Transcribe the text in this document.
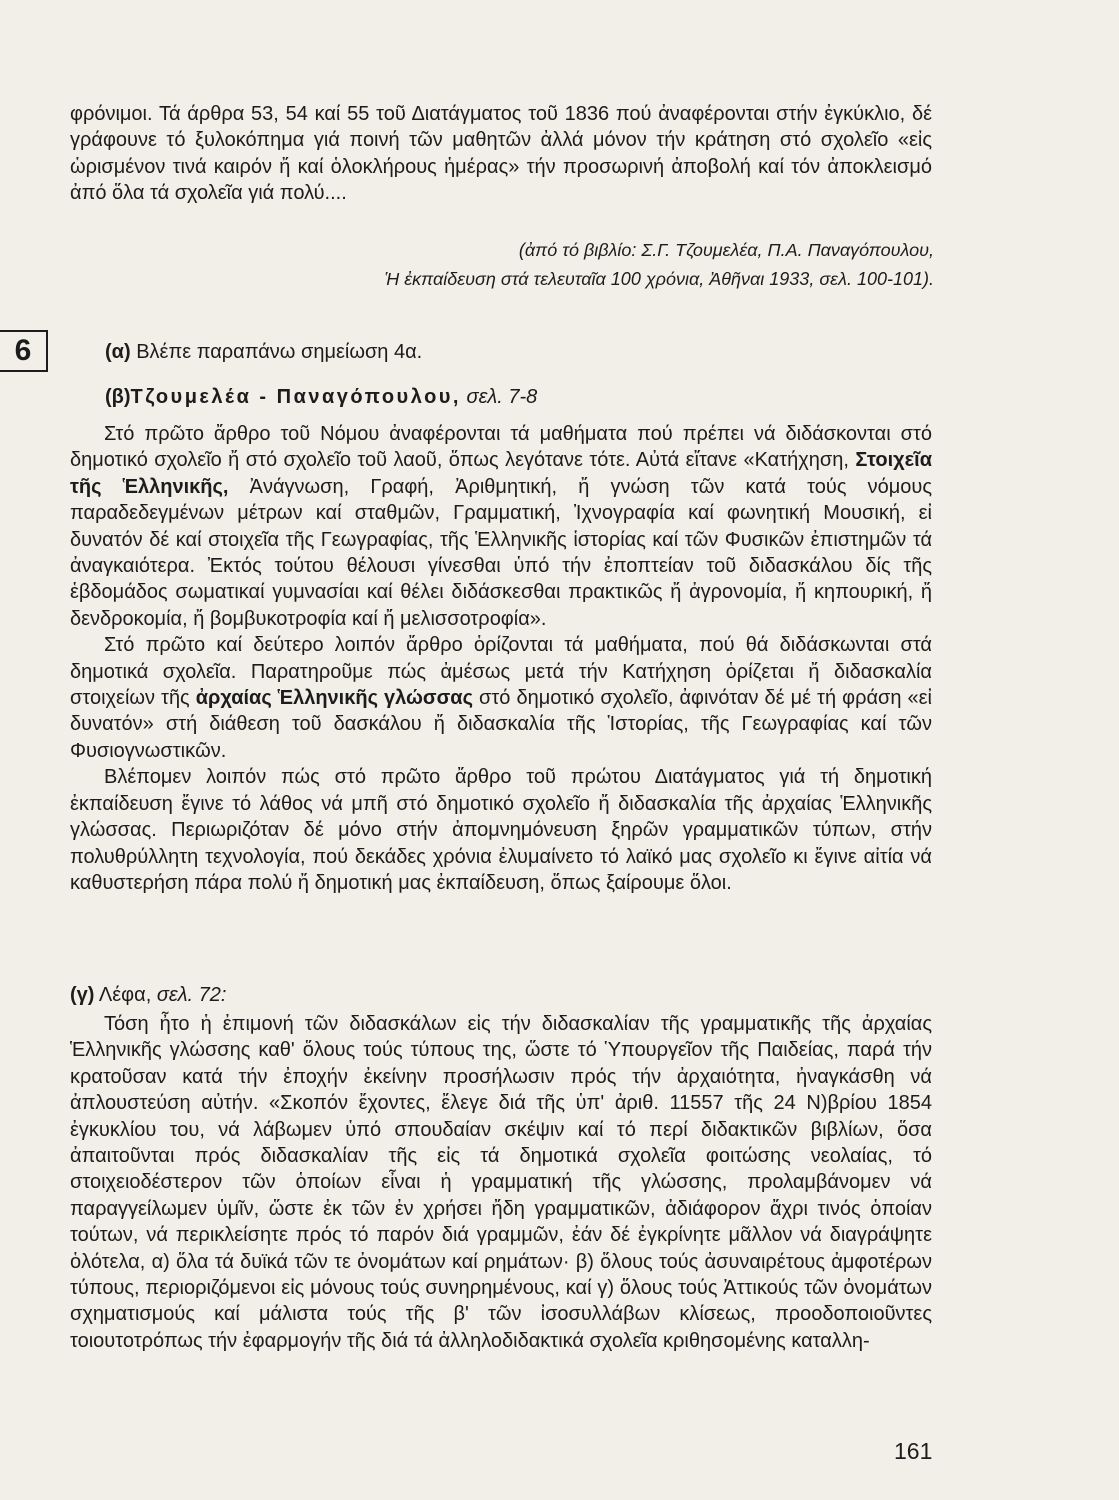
φρόνιμοι. Τά άρθρα 53, 54 καί 55 τοῦ Διατάγματος τοῦ 1836 πού ἀναφέρονται στήν ἐγκύκλιο, δέ γράφουνε τό ξυλοκόπημα γιά ποινή τῶν μαθητῶν ἀλλά μόνον τήν κράτηση στό σχολεῖο «εἰς ὡρισμένον τινά καιρόν ἤ καί ὁλοκλήρους ἡμέρας» τήν προσωρινή ἀποβολή καί τόν ἀποκλεισμό ἀπό ὅλα τά σχολεῖα γιά πολύ....

(ἀπό τό βιβλίο: Σ.Γ. Τζουμελέα, Π.Α. Παναγόπουλου,
Ἡ ἐκπαίδευση στά τελευταῖα 100 χρόνια, Ἀθῆναι 1933, σελ. 100-101).
6	(α) Βλέπε παραπάνω σημείωση 4α.
(β)Τζουμελέα - Παναγόπουλου, σελ. 7-8

Στό πρῶτο ἄρθρο τοῦ Νόμου ἀναφέρονται τά μαθήματα πού πρέπει νά διδάσκονται στό δημοτικό σχολεῖο ἤ στό σχολεῖο τοῦ λαοῦ, ὅπως λεγότανε τότε. Αὐτά εἴτανε «Κατήχηση, Στοιχεῖα τῆς Ἑλληνικῆς, Ἀνάγνωση, Γραφή, Ἀριθμητική, ἤ γνώση τῶν κατά τούς νόμους παραδεδεγμένων μέτρων καί σταθμῶν, Γραμματική, Ἰχνογραφία καί φωνητική Μουσική, εἰ δυνατόν δέ καί στοιχεῖα τῆς Γεωγραφίας, τῆς Ἑλληνικῆς ἱστορίας καί τῶν Φυσικῶν ἐπιστημῶν τά ἀναγκαιότερα. Ἐκτός τούτου θέλουσι γίνεσθαι ὑπό τήν ἐποπτείαν τοῦ διδασκάλου δίς τῆς ἑβδομάδος σωματικαί γυμνασίαι καί θέλει διδάσκεσθαι πρακτικῶς ἤ ἀγρονομία, ἤ κηπουρική, ἤ δενδροκομία, ἤ βομβυκοτροφία καί ἤ μελισσοτροφία».

Στό πρῶτο καί δεύτερο λοιπόν ἄρθρο ὁρίζονται τά μαθήματα, πού θά διδάσκωνται στά δημοτικά σχολεῖα. Παρατηροῦμε πώς ἀμέσως μετά τήν Κατήχηση ὁρίζεται ἤ διδασκαλία στοιχείων τῆς ἀρχαίας Ἑλληνικῆς γλώσσας στό δημοτικό σχολεῖο, ἀφινόταν δέ μέ τή φράση «εἰ δυνατόν» στή διάθεση τοῦ δασκάλου ἤ διδασκαλία τῆς Ἱστορίας, τῆς Γεωγραφίας καί τῶν Φυσιογνωστικῶν.

Βλέπομεν λοιπόν πώς στό πρῶτο ἄρθρο τοῦ πρώτου Διατάγματος γιά τή δημοτική ἐκπαίδευση ἔγινε τό λάθος νά μπῆ στό δημοτικό σχολεῖο ἤ διδασκαλία τῆς ἀρχαίας Ἑλληνικῆς γλώσσας. Περιωριζόταν δέ μόνο στήν ἀπομνημόνευση ξηρῶν γραμματικῶν τύπων, στήν πολυθρύλλητη τεχνολογία, πού δεκάδες χρόνια ἐλυμαίνετο τό λαϊκό μας σχολεῖο κι ἔγινε αἰτία νά καθυστερήση πάρα πολύ ἤ δημοτική μας ἐκπαίδευση, ὅπως ξαίρουμε ὅλοι.

(γ) Λέφα, σελ. 72:

Τόση ἦτο ἡ ἐπιμονή τῶν διδασκάλων εἰς τήν διδασκαλίαν τῆς γραμματικῆς τῆς ἀρχαίας Ἑλληνικῆς γλώσσης καθ' ὅλους τούς τύπους της, ὥστε τό Ὑπουργεῖον τῆς Παιδείας, παρά τήν κρατοῦσαν κατά τήν ἐποχήν ἐκείνην προσήλωσιν πρός τήν ἀρχαιότητα, ἠναγκάσθη νά ἀπλουστεύση αὐτήν. «Σκοπόν ἔχοντες, ἔλεγε διά τῆς ὑπ' ἀριθ. 11557 τῆς 24 Ν)βρίου 1854 ἐγκυκλίου του, νά λάβωμεν ὑπό σπουδαίαν σκέψιν καί τό περί διδακτικῶν βιβλίων, ὅσα ἀπαιτοῦνται πρός διδασκαλίαν τῆς εἰς τά δημοτικά σχολεῖα φοιτώσης νεολαίας, τό στοιχειοδέστερον τῶν ὁποίων εἶναι ἡ γραμματική τῆς γλώσσης, προλαμβάνομεν νά παραγγείλωμεν ὑμῖν, ὥστε ἐκ τῶν ἐν χρήσει ἤδη γραμματικῶν, ἀδιάφορον ἄχρι τινός ὁποίαν τούτων, νά περικλείσητε πρός τό παρόν διά γραμμῶν, ἐάν δέ ἐγκρίνητε μᾶλλον νά διαγράψητε ὁλότελα, α) ὅλα τά δυϊκά τῶν τε ὀνομάτων καί ρημάτων· β) ὅλους τούς ἀσυναιρέτους ἀμφοτέρων τύπους, περιοριζόμενοι εἰς μόνους τούς συνηρημένους, καί γ) ὅλους τούς Ἀττικούς τῶν ὀνομάτων σχηματισμούς καί μάλιστα τούς τῆς β' τῶν ἰσοσυλλάβων κλίσεως, προοδοποιοῦντες τοιουτοτρόπως τήν ἐφαρμογήν τῆς διά τά ἀλληλοδιδακτικά σχολεῖα κριθησομένης καταλλη-

161
